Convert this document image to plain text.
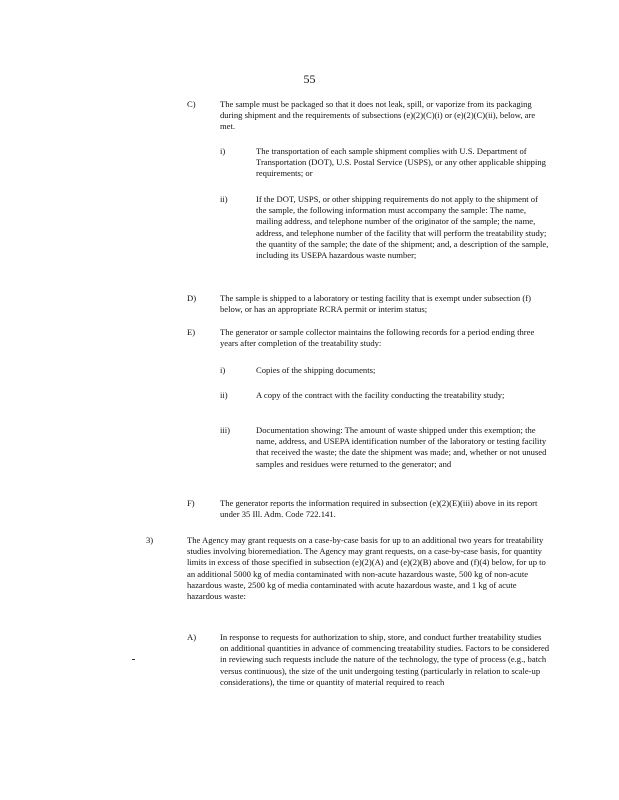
55
C)	The sample must be packaged so that it does not leak, spill, or vaporize from its packaging during shipment and the requirements of subsections (e)(2)(C)(i) or (e)(2)(C)(ii), below, are met.
i)	The transportation of each sample shipment complies with U.S. Department of Transportation (DOT), U.S. Postal Service (USPS), or any other applicable shipping requirements; or
ii)	If the DOT, USPS, or other shipping requirements do not apply to the shipment of the sample, the following information must accompany the sample: The name, mailing address, and telephone number of the originator of the sample; the name, address, and telephone number of the facility that will perform the treatability study; the quantity of the sample; the date of the shipment; and, a description of the sample, including its USEPA hazardous waste number;
D)	The sample is shipped to a laboratory or testing facility that is exempt under subsection (f) below, or has an appropriate RCRA permit or interim status;
E)	The generator or sample collector maintains the following records for a period ending three years after completion of the treatability study:
i)	Copies of the shipping documents;
ii)	A copy of the contract with the facility conducting the treatability study;
iii)	Documentation showing: The amount of waste shipped under this exemption; the name, address, and USEPA identification number of the laboratory or testing facility that received the waste; the date the shipment was made; and, whether or not unused samples and residues were returned to the generator; and
F)	The generator reports the information required in subsection (e)(2)(E)(iii) above in its report under 35 Ill. Adm. Code 722.141.
3)	The Agency may grant requests on a case-by-case basis for up to an additional two years for treatability studies involving bioremediation. The Agency may grant requests, on a case-by-case basis, for quantity limits in excess of those specified in subsection (e)(2)(A) and (e)(2)(B) above and (f)(4) below, for up to an additional 5000 kg of media contaminated with non-acute hazardous waste, 500 kg of non-acute hazardous waste, 2500 kg of media contaminated with acute hazardous waste, and 1 kg of acute hazardous waste:
A)	In response to requests for authorization to ship, store, and conduct further treatability studies on additional quantities in advance of commencing treatability studies. Factors to be considered in reviewing such requests include the nature of the technology, the type of process (e.g., batch versus continuous), the size of the unit undergoing testing (particularly in relation to scale-up considerations), the time or quantity of material required to reach
